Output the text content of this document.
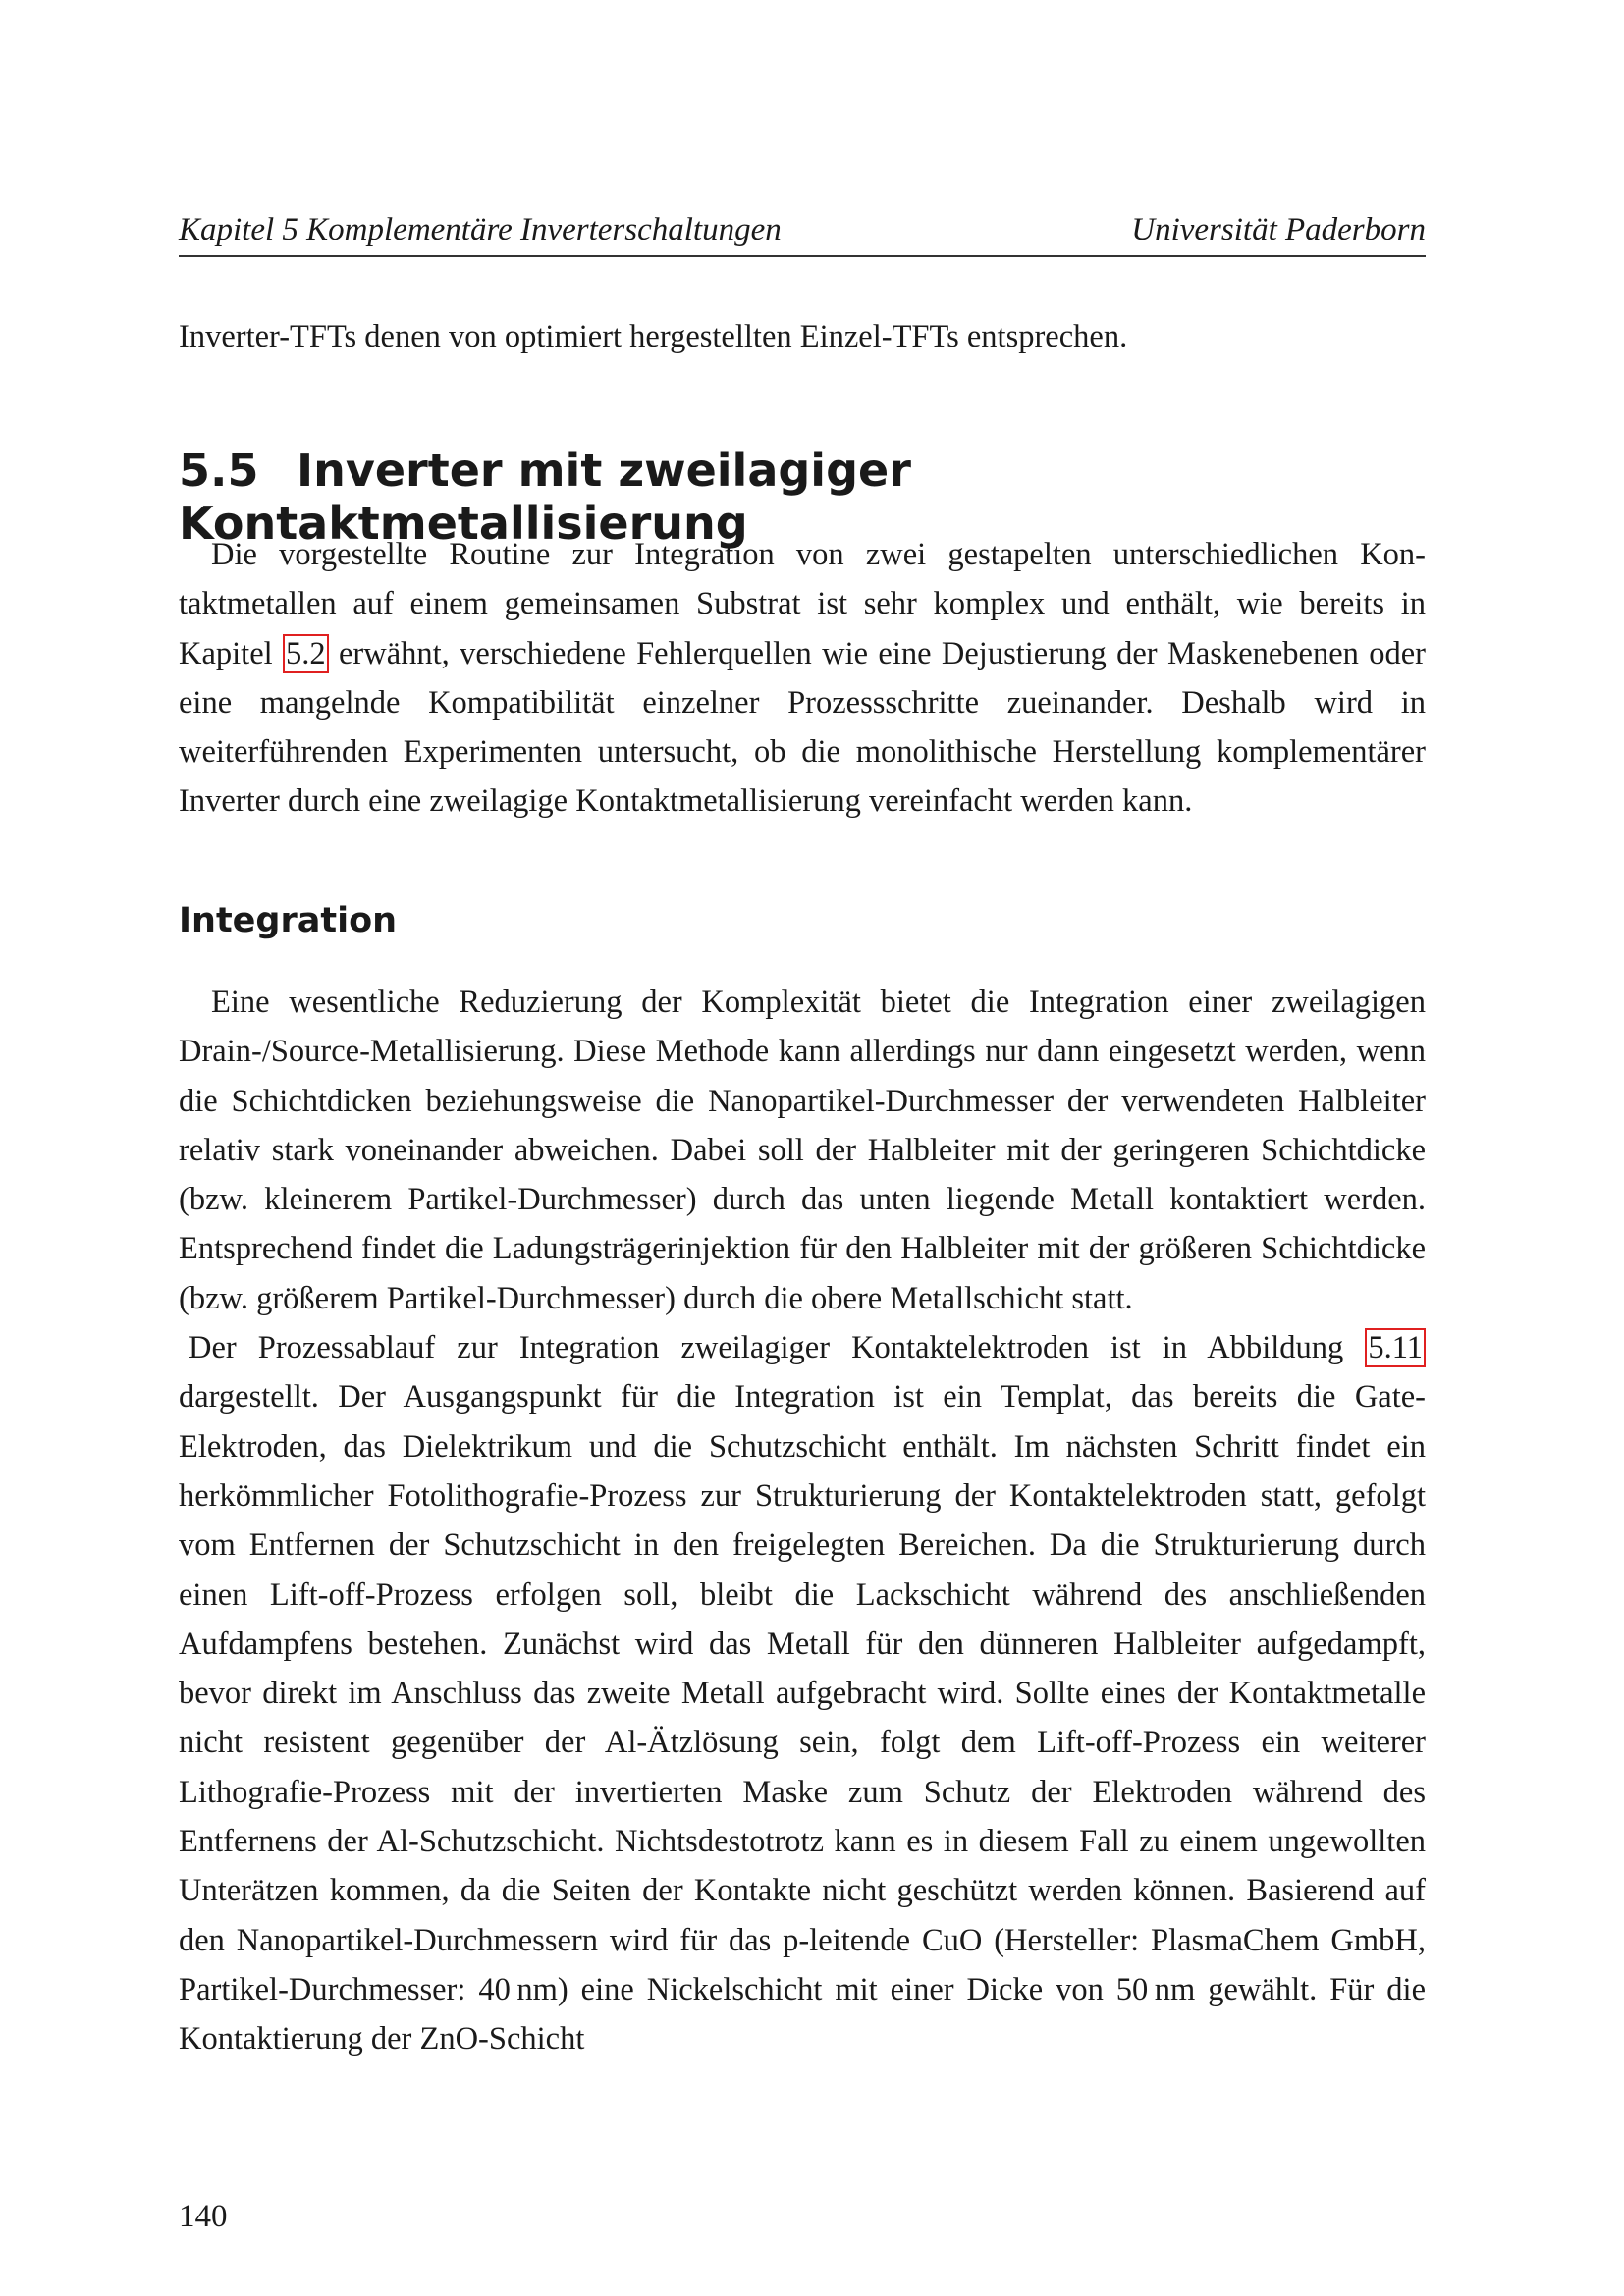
Kapitel 5 Komplementäre Inverterschaltungen	Universität Paderborn
Inverter-TFTs denen von optimiert hergestellten Einzel-TFTs entsprechen.
5.5 Inverter mit zweilagiger Kontaktmetallisierung

Die vorgestellte Routine zur Integration von zwei gestapelten unterschiedlichen Kontaktmetallen auf einem gemeinsamen Substrat ist sehr komplex und enthält, wie bereits in Kapitel 5.2 erwähnt, verschiedene Fehlerquellen wie eine Dejustierung der Maskenebenen oder eine mangelnde Kompatibilität einzelner Prozessschritte zueinander. Deshalb wird in weiterführenden Experimenten untersucht, ob die monolithische Herstellung komplementärer Inverter durch eine zweilagige Kontaktmetallisierung vereinfacht werden kann.

Integration

Eine wesentliche Reduzierung der Komplexität bietet die Integration einer zweilagigen Drain-/Source-Metallisierung. Diese Methode kann allerdings nur dann eingesetzt werden, wenn die Schichtdicken beziehungsweise die Nanopartikel-Durchmesser der verwendeten Halbleiter relativ stark voneinander abweichen. Dabei soll der Halbleiter mit der geringeren Schichtdicke (bzw. kleinerem Partikel-Durchmesser) durch das unten liegende Metall kontaktiert werden. Entsprechend findet die Ladungsträgerinjektion für den Halbleiter mit der größeren Schichtdicke (bzw. größerem Partikel-Durchmesser) durch die obere Metallschicht statt.

Der Prozessablauf zur Integration zweilagiger Kontaktelektroden ist in Abbildung 5.11 dargestellt. Der Ausgangspunkt für die Integration ist ein Templat, das bereits die Gate-Elektroden, das Dielektrikum und die Schutzschicht enthält. Im nächsten Schritt findet ein herkömmlicher Fotolithografie-Prozess zur Strukturierung der Kontaktelektroden statt, gefolgt vom Entfernen der Schutzschicht in den freigelegten Bereichen. Da die Strukturierung durch einen Lift-off-Prozess erfolgen soll, bleibt die Lackschicht während des anschließenden Aufdampfens bestehen. Zunächst wird das Metall für den dünneren Halbleiter aufgedampft, bevor direkt im Anschluss das zweite Metall aufgebracht wird. Sollte eines der Kontaktmetalle nicht resistent gegenüber der Al-Ätzlösung sein, folgt dem Lift-off-Prozess ein weiterer Lithografie-Prozess mit der invertierten Maske zum Schutz der Elektroden während des Entfernens der Al-Schutzschicht. Nichtsdestotrotz kann es in diesem Fall zu einem ungewollten Unterätzen kommen, da die Seiten der Kontakte nicht geschützt werden können. Basierend auf den Nanopartikel-Durchmessern wird für das p-leitende CuO (Hersteller: PlasmaChem GmbH, Partikel-Durchmesser: 40 nm) eine Nickelschicht mit einer Dicke von 50 nm gewählt. Für die Kontaktierung der ZnO-Schicht

140
